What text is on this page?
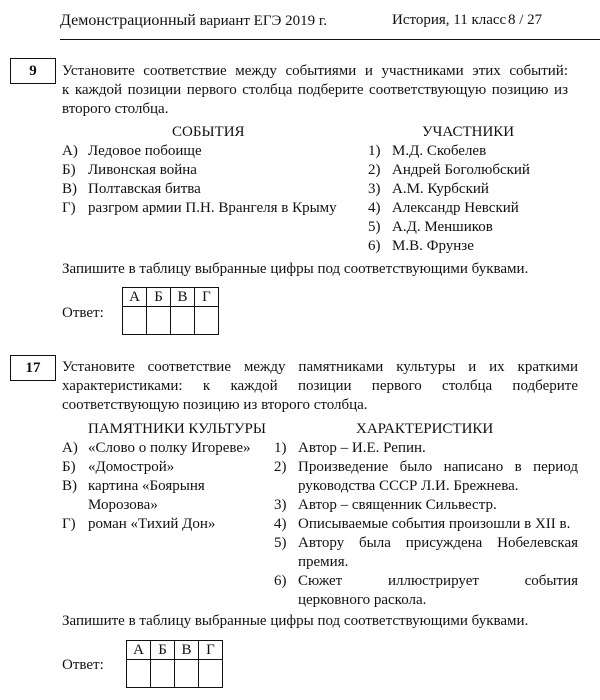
Демонстрационный вариант ЕГЭ 2019 г.	История, 11 класс 8 / 27
9	Установите соответствие между событиями и участниками этих событий:
к каждой позиции первого столбца подберите соответствующую позицию из
второго столбца.
СОБЫТИЯ	УЧАСТНИКИ
А) Ледовое побоище
Б) Ливонская война
В) Полтавская битва
Г) разгром армии П.Н. Врангеля в Крыму
1) М.Д. Скобелев
2) Андрей Боголюбский
3) А.М. Курбский
4) Александр Невский
5) А.Д. Меншиков
6) М.В. Фрунзе
Запишите в таблицу выбранные цифры под соответствующими буквами.
Ответ:
А	Б	В	Г

17	Установите соответствие между памятниками культуры и их краткими
характеристиками: к каждой позиции первого столбца подберите
соответствующую позицию из второго столбца.
ПАМЯТНИКИ КУЛЬТУРЫ	ХАРАКТЕРИСТИКИ
А) «Слово о полку Игореве»
Б) «Домострой»
В) картина «Боярыня
Морозова»
Г) роман «Тихий Дон»
1) Автор – И.Е. Репин.
2) Произведение было написано в период
руководства СССР Л.И. Брежнева.
3) Автор – священник Сильвестр.
4) Описываемые события произошли в XII в.
5) Автору была присуждена Нобелевская
премия.
6) Сюжет иллюстрирует события
церковного раскола.
Запишите в таблицу выбранные цифры под соответствующими буквами.
Ответ:
А	Б	В	Г
